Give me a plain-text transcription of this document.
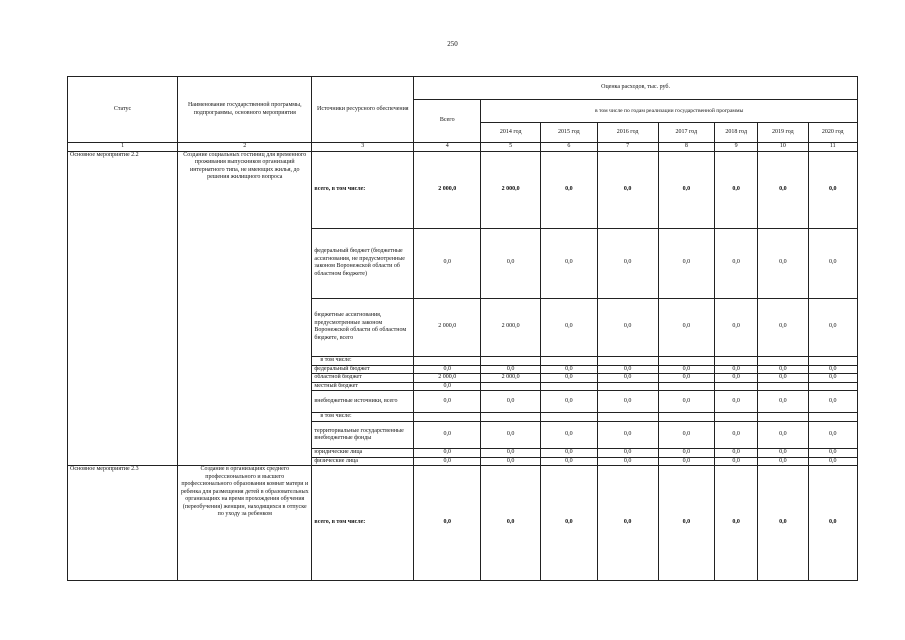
250
Статус	Наименование государственной программы, подпрограммы, основного мероприятия	Источники ресурсного обеспечения	Оценка расходов, тыс. руб.							
			Всего	в том числе по годам реализации государственной программы						
				2014 год	2015 год	2016 год	2017 год	2018 год	2019 год	2020 год
1	2	3	4	5	6	7	8	9	10	11
Основное мероприятие 2.2	Создание социальных гостиниц для временного проживания выпускников организаций интернатного типа, не имеющих жилья, до решения жилищного вопроса	всего, в том числе:	2 000,0	2 000,0	0,0	0,0	0,0	0,0	0,0	0,0
		федеральный бюджет (бюджетные ассигнования, не предусмотренные законом Воронежской области об областном бюджете)	0,0	0,0	0,0	0,0	0,0	0,0	0,0	0,0
		бюджетные ассигнования, предусмотренные законом Воронежской области об областном бюджете, всего	2 000,0	2 000,0	0,0	0,0	0,0	0,0	0,0	0,0
		в том числе:								
		федеральный бюджет	0,0	0,0	0,0	0,0	0,0	0,0	0,0	0,0
		областной бюджет	2 000,0	2 000,0	0,0	0,0	0,0	0,0	0,0	0,0
		местный бюджет	0,0							
		внебюджетные источники, всего	0,0	0,0	0,0	0,0	0,0	0,0	0,0	0,0
		в том числе:								
		территориальные государственные внебюджетные фонды	0,0	0,0	0,0	0,0	0,0	0,0	0,0	0,0
		юридические лица	0,0	0,0	0,0	0,0	0,0	0,0	0,0	0,0
		физические лица	0,0	0,0	0,0	0,0	0,0	0,0	0,0	0,0
Основное мероприятие 2.3	Создание в организациях среднего профессионального и высшего профессионального образования комнат матери и ребенка для размещения детей в образовательных организациях на время прохождения обучения (переобучения) женщин, находящихся в отпуске по уходу за ребенком	всего, в том числе:	0,0	0,0	0,0	0,0	0,0	0,0	0,0	0,0
